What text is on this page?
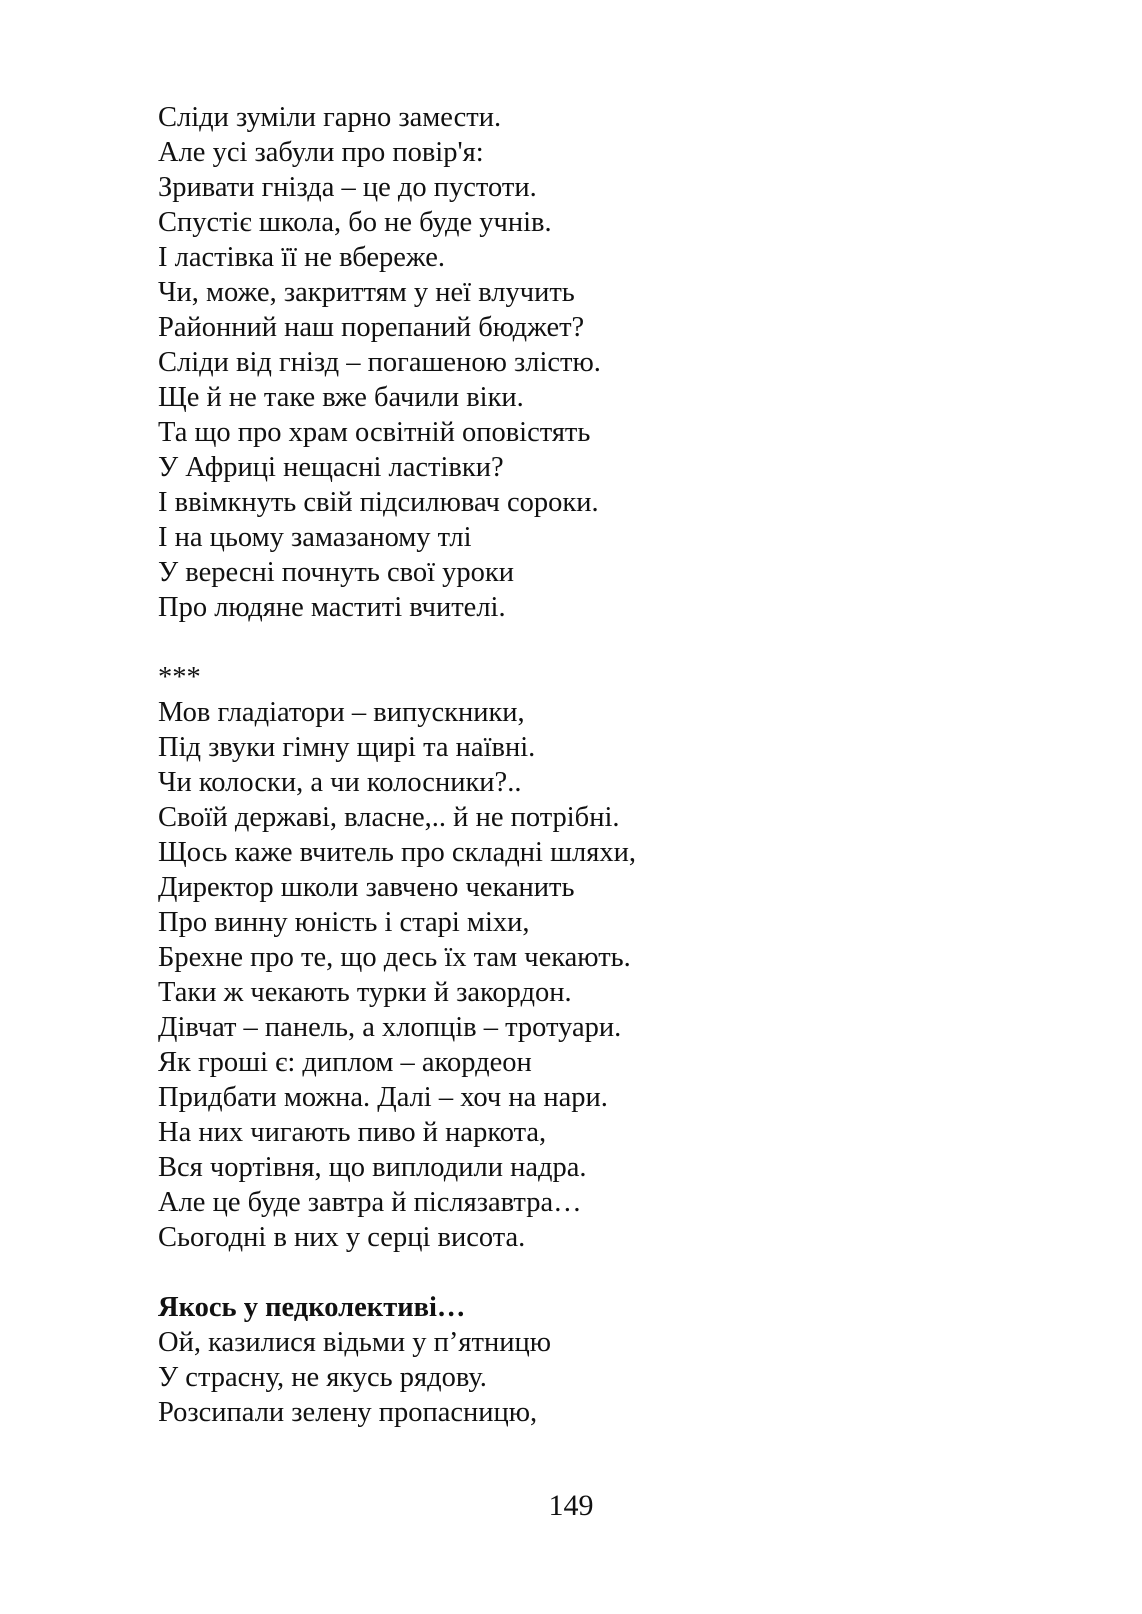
Сліди зуміли гарно замести.
Але усі забули про повір'я:
Зривати гнізда – це до пустоти.
Спустіє школа, бо не буде учнів.
І ластівка її не вбереже.
Чи, може, закриттям у неї влучить
Районний наш порепаний бюджет?
Сліди від гнізд – погашеною злістю.
Ще й не таке вже бачили віки.
Та що про храм освітній оповістять
У Африці нещасні ластівки?
І ввімкнуть свій підсилювач сороки.
І на цьому замазаному тлі
У вересні почнуть свої уроки
Про людяне маститі вчителі.
***
Мов гладіатори – випускники,
Під звуки гімну щирі та наївні.
Чи колоски, а чи колосники?..
Своїй державі, власне,.. й не потрібні.
Щось каже вчитель про складні шляхи,
Директор школи завчено чеканить
Про винну юність і старі міхи,
Брехне про те, що десь їх там чекають.
Таки ж чекають турки й закордон.
Дівчат – панель, а хлопців – тротуари.
Як гроші є: диплом – акордеон
Придбати можна. Далі – хоч на нари.
На них чигають пиво й наркота,
Вся чортівня, що виплодили надра.
Але це буде завтра й післязавтра…
Сьогодні в них у серці висота.
Якось у педколективі…
Ой, казилися відьми у п’ятницю
У страсну, не якусь рядову.
Розсипали зелену пропасницю,
149
